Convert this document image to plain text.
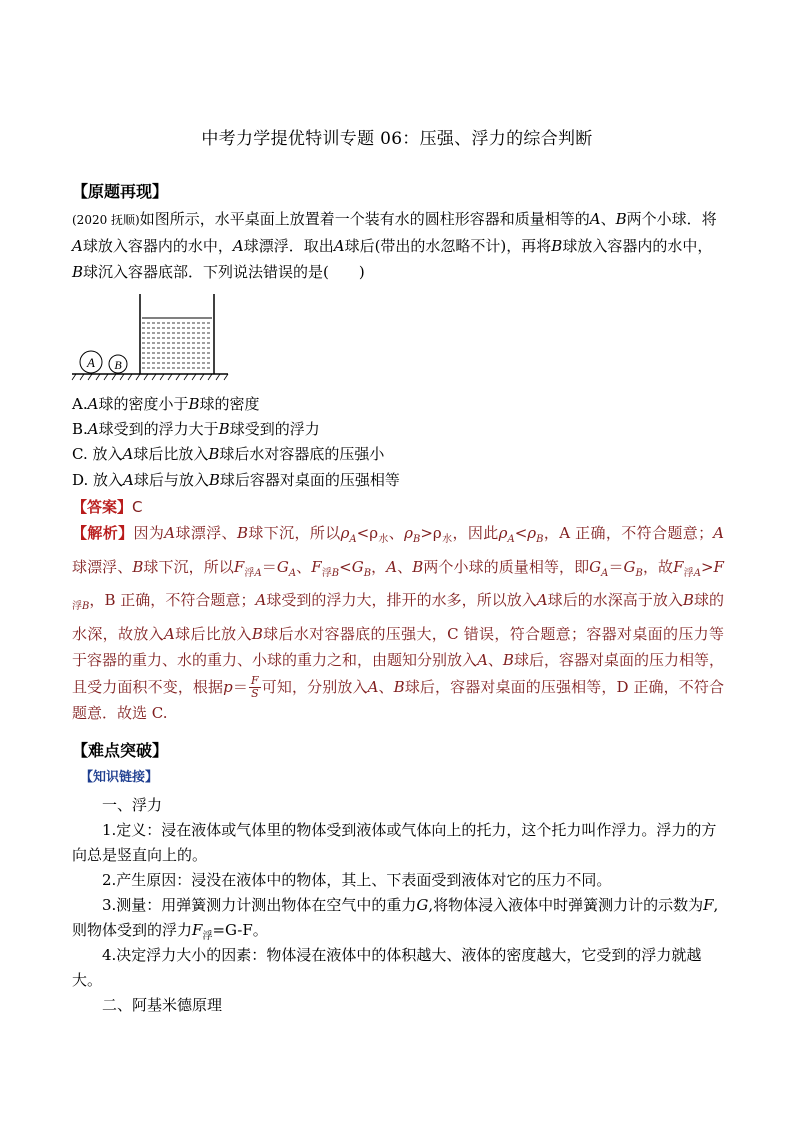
中考力学提优特训专题 06：压强、浮力的综合判断
【原题再现】
(2020 抚顺)如图所示，水平桌面上放置着一个装有水的圆柱形容器和质量相等的A、B两个小球．将A球放入容器内的水中，A球漂浮．取出A球后(带出的水忽略不计)，再将B球放入容器内的水中，B球沉入容器底部．下列说法错误的是(　　)
A B
A.A球的密度小于B球的密度
B.A球受到的浮力大于B球受到的浮力
C. 放入A球后比放入B球后水对容器底的压强小
D. 放入A球后与放入B球后容器对桌面的压强相等
【答案】C
【解析】因为A球漂浮、B球下沉，所以$\rho_A<\rho_水$、$\rho_B>\rho_水$，因此$\rho_A<\rho_B$，A 正确，不符合题意；A球漂浮、B球下沉，所以$F_{浮A}=G_A$、$F_{浮B}<G_B$，A、B两个小球的质量相等，即$G_A=G_B$，故$F_{浮A}>F_{浮B}$，B 正确，不符合题意；A球受到的浮力大，排开的水多，所以放入A球后的水深高于放入B球的水深，故放入A球后比放入B球后水对容器底的压强大，C 错误，符合题意；容器对桌面的压力等于容器的重力、水的重力、小球的重力之和，由题知分别放入A、B球后，容器对桌面的压力相等，且受力面积不变，根据$p= \frac{F}{S}$ 可知，分别放入A、B球后，容器对桌面的压强相等，D 正确，不符合题意．故选 C.
【难点突破】
【知识链接】
一、浮力
1.定义：浸在液体或气体里的物体受到液体或气体向上的托力，这个托力叫作浮力。浮力的方向总是竖直向上的。
2.产生原因：浸没在液体中的物体，其上、下表面受到液体对它的压力不同。
3.测量：用弹簧测力计测出物体在空气中的重力G,将物体浸入液体中时弹簧测力计的示数为F,则物体受到的浮力$F_浮=G-F$。
4.决定浮力大小的因素：物体浸在液体中的体积越大、液体的密度越大，它受到的浮力就越大。
二、阿基米德原理
